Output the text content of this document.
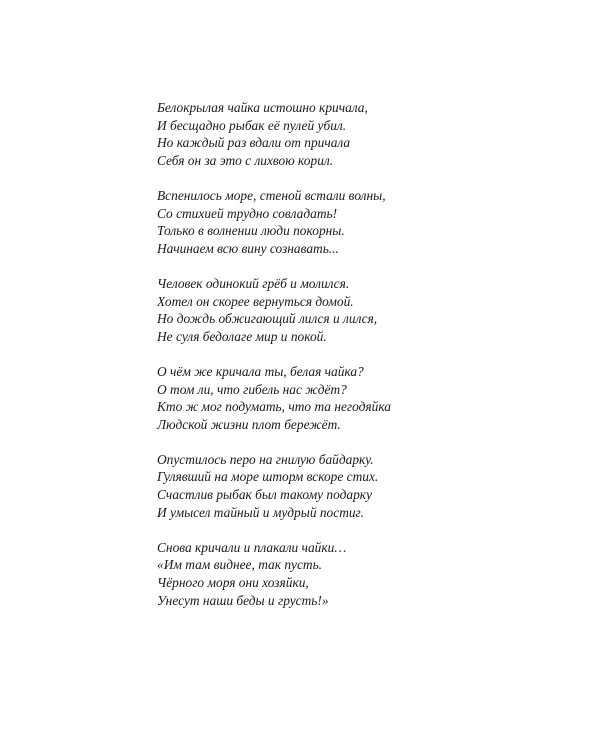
Белокрылая чайка истошно кричала,
И бесщадно рыбак её пулей убил.
Но каждый раз вдали от причала
Себя он за это с лихвою корил.
Вспенилось море, стеной встали волны,
Со стихией трудно совладать!
Только в волнении люди покорны.
Начинаем всю вину сознавать...
Человек одинокий грёб и молился.
Хотел он скорее вернуться домой.
Но дождь обжигающий лился и лился,
Не суля бедолаге мир и покой.
О чём же кричала ты, белая чайка?
О том ли, что гибель нас ждёт?
Кто ж мог подумать, что та негодяйка
Людской жизни плот бережёт.
Опустилось перо на гнилую байдарку.
Гулявший на море шторм вскоре стих.
Счастлив рыбак был такому подарку
И умысел тайный и мудрый постиг.
Снова кричали и плакали чайки…
«Им там виднее, так пусть.
Чёрного моря они хозяйки,
Унесут наши беды и грусть!»
